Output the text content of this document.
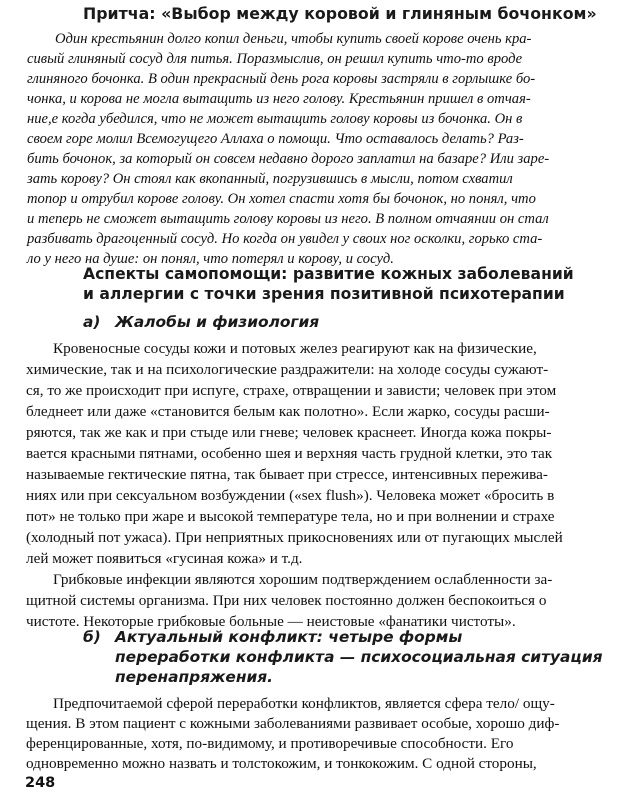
Притча: «Выбор между коровой и глиняным бочонком»
Один крестьянин долго копил деньги, чтобы купить своей корове очень кра-
сивый глиняный сосуд для питья. Поразмыслив, он решил купить что-то вроде
глиняного бочонка. В один прекрасный день рога коровы застряли в горлышке бо-
чонка, и корова не могла вытащить из него голову. Крестьянин пришел в отчая-
ние,е когда убедился, что не может вытащить голову коровы из бочонка. Он в
своем горе молил Всемогущего Аллаха о помощи. Что оставалось делать? Раз-
бить бочонок, за который он совсем недавно дорого заплатил на базаре? Или заре-
зать корову? Он стоял как вкопанный, погрузившись в мысли, потом схватил
топор и отрубил корове голову. Он хотел спасти хотя бы бочонок, но понял, что
и теперь не сможет вытащить голову коровы из него. В полном отчаянии он стал
разбивать драгоценный сосуд. Но когда он увидел у своих ног осколки, горько ста-
ло у него на душе: он понял, что потерял и корову, и сосуд.
Аспекты самопомощи: развитие кожных заболеваний
и аллергии с точки зрения позитивной психотерапии
а) Жалобы и физиология
Кровеносные сосуды кожи и потовых желез реагируют как на физические,
химические, так и на психологические раздражители: на холоде сосуды сужают-
ся, то же происходит при испуге, страхе, отвращении и зависти; человек при этом
бледнеет или даже «становится белым как полотно». Если жарко, сосуды расши-
ряются, так же как и при стыде или гневе; человек краснеет. Иногда кожа покры-
вается красными пятнами, особенно шея и верхняя часть грудной клетки, это так
называемые гектические пятна, так бывает при стрессе, интенсивных пережива-
ниях или при сексуальном возбуждении («sex flush»). Человека может «бросить в
пот» не только при жаре и высокой температуре тела, но и при волнении и страхе
(холодный пот ужаса). При неприятных прикосновениях или от пугающих мыслей
лей может появиться «гусиная кожа» и т.д.
Грибковые инфекции являются хорошим подтверждением ослабленности за-
щитной системы организма. При них человек постоянно должен беспокоиться о
чистоте. Некоторые грибковые больные — неистовые «фанатики чистоты».
б) Актуальный конфликт: четыре формы
переработки конфликта — психосоциальная ситуация
перенапряжения.
Предпочитаемой сферой переработки конфликтов, является сфера тело/ ощу-
щения. В этом пациент с кожными заболеваниями развивает особые, хорошо диф-
ференцированные, хотя, по-видимому, и противоречивые способности. Его
одновременно можно назвать и толстокожим, и тонкокожим. С одной стороны,
248
